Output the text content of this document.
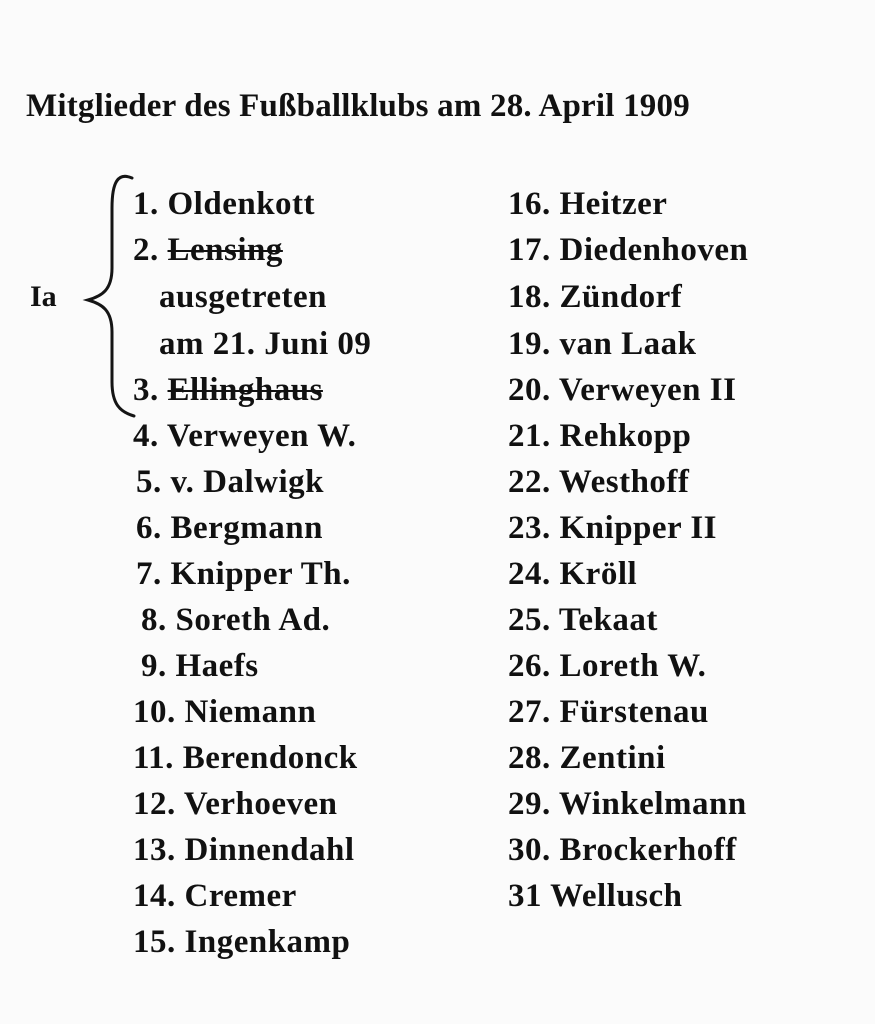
Mitglieder des Fußballklubs am 28. April 1909
Ia
1. Oldenkott
2. Lensing
ausgetreten
am 21. Juni 09
3. Ellinghaus
4. Verweyen W.
5. v. Dalwigk
6. Bergmann
7. Knipper Th.
8. Soreth Ad.
9. Haefs
10. Niemann
11. Berendonck
12. Verhoeven
13. Dinnendahl
14. Cremer
15. Ingenkamp
16. Heitzer
17. Diedenhoven
18. Zündorf
19. van Laak
20. Verweyen II
21. Rehkopp
22. Westhoff
23. Knipper II
24. Kröll
25. Tekaat
26. Loreth W.
27. Fürstenau
28. Zentini
29. Winkelmann
30. Brockerhoff
31 Wellusch
